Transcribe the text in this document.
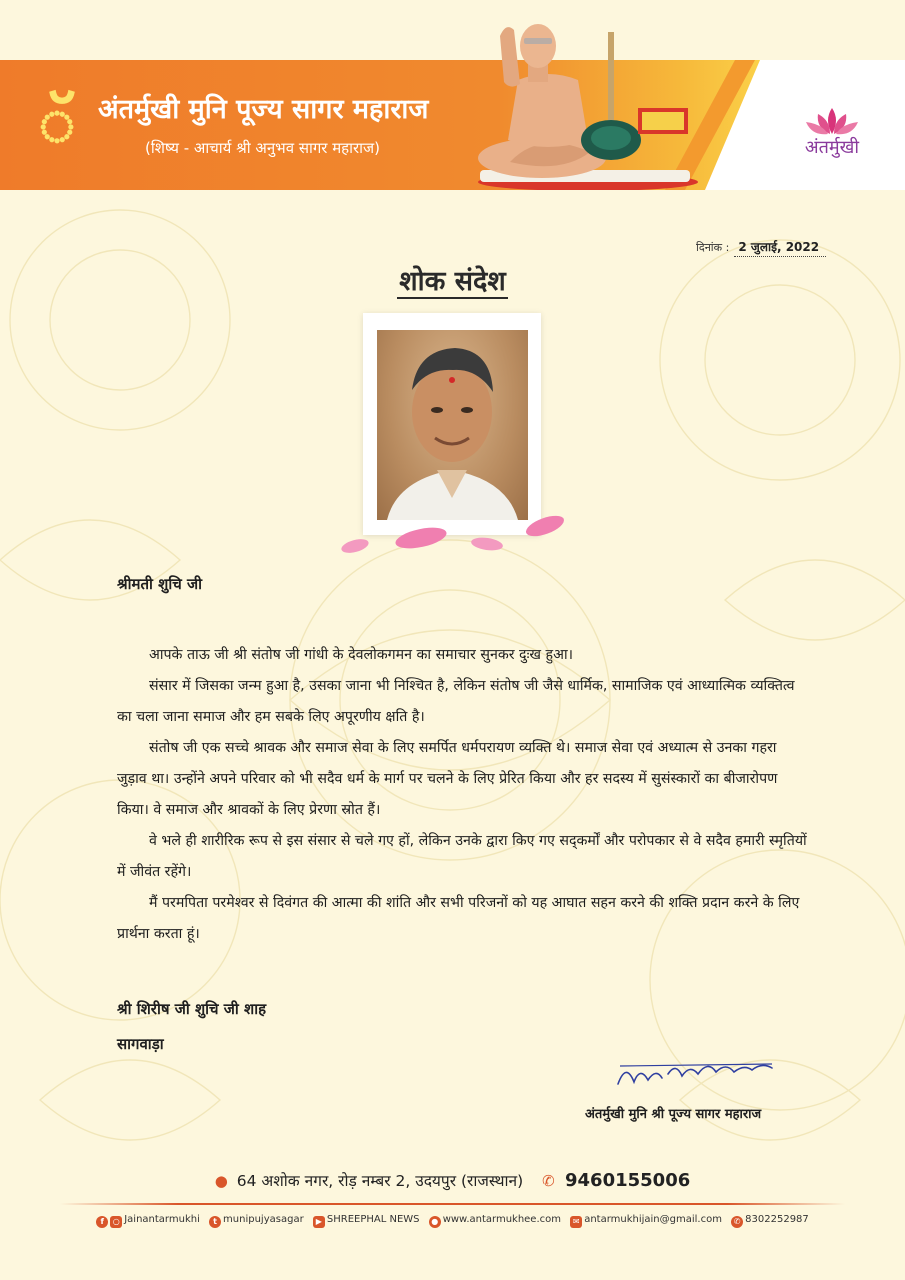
ॅ अंतर्मुखी मुनि पूज्य सागर महाराज
(शिष्य - आचार्य श्री अनुभव सागर महाराज)	अंतर्मुखी
दिनांक : 2 जुलाई, 2022
शोक संदेश
श्रीमती शुचि जी

आपके ताऊ जी श्री संतोष जी गांधी के देवलोकगमन का समाचार सुनकर दुःख हुआ।

संसार में जिसका जन्म हुआ है, उसका जाना भी निश्चित है, लेकिन संतोष जी जैसे धार्मिक, सामाजिक एवं आध्यात्मिक व्यक्तित्व का चला जाना समाज और हम सबके लिए अपूरणीय क्षति है।

संतोष जी एक सच्चे श्रावक और समाज सेवा के लिए समर्पित धर्मपरायण व्यक्ति थे। समाज सेवा एवं अध्यात्म से उनका गहरा जुड़ाव था। उन्होंने अपने परिवार को भी सदैव धर्म के मार्ग पर चलने के लिए प्रेरित किया और हर सदस्य में सुसंस्कारों का बीजारोपण किया। वे समाज और श्रावकों के लिए प्रेरणा स्रोत हैं।

वे भले ही शारीरिक रूप से इस संसार से चले गए हों, लेकिन उनके द्वारा किए गए सद्कर्मों और परोपकार से वे सदैव हमारी स्मृतियों में जीवंत रहेंगे।

मैं परमपिता परमेश्वर से दिवंगत की आत्मा की शांति और सभी परिजनों को यह आघात सहन करने की शक्ति प्रदान करने के लिए प्रार्थना करता हूं।

श्री शिरीष जी शुचि जी शाह
सागवाड़ा
अंतर्मुखी मुनि श्री पूज्य सागर महाराज
● 64 अशोक नगर, रोड़ नम्बर 2, उदयपुर (राजस्थान) ✆ 9460155006
f ○ Jainantarmukhi t munipujyasagar ▶ SHREEPHAL NEWS ● www.antarmukhee.com ✉ antarmukhijain@gmail.com ✆ 8302252987
